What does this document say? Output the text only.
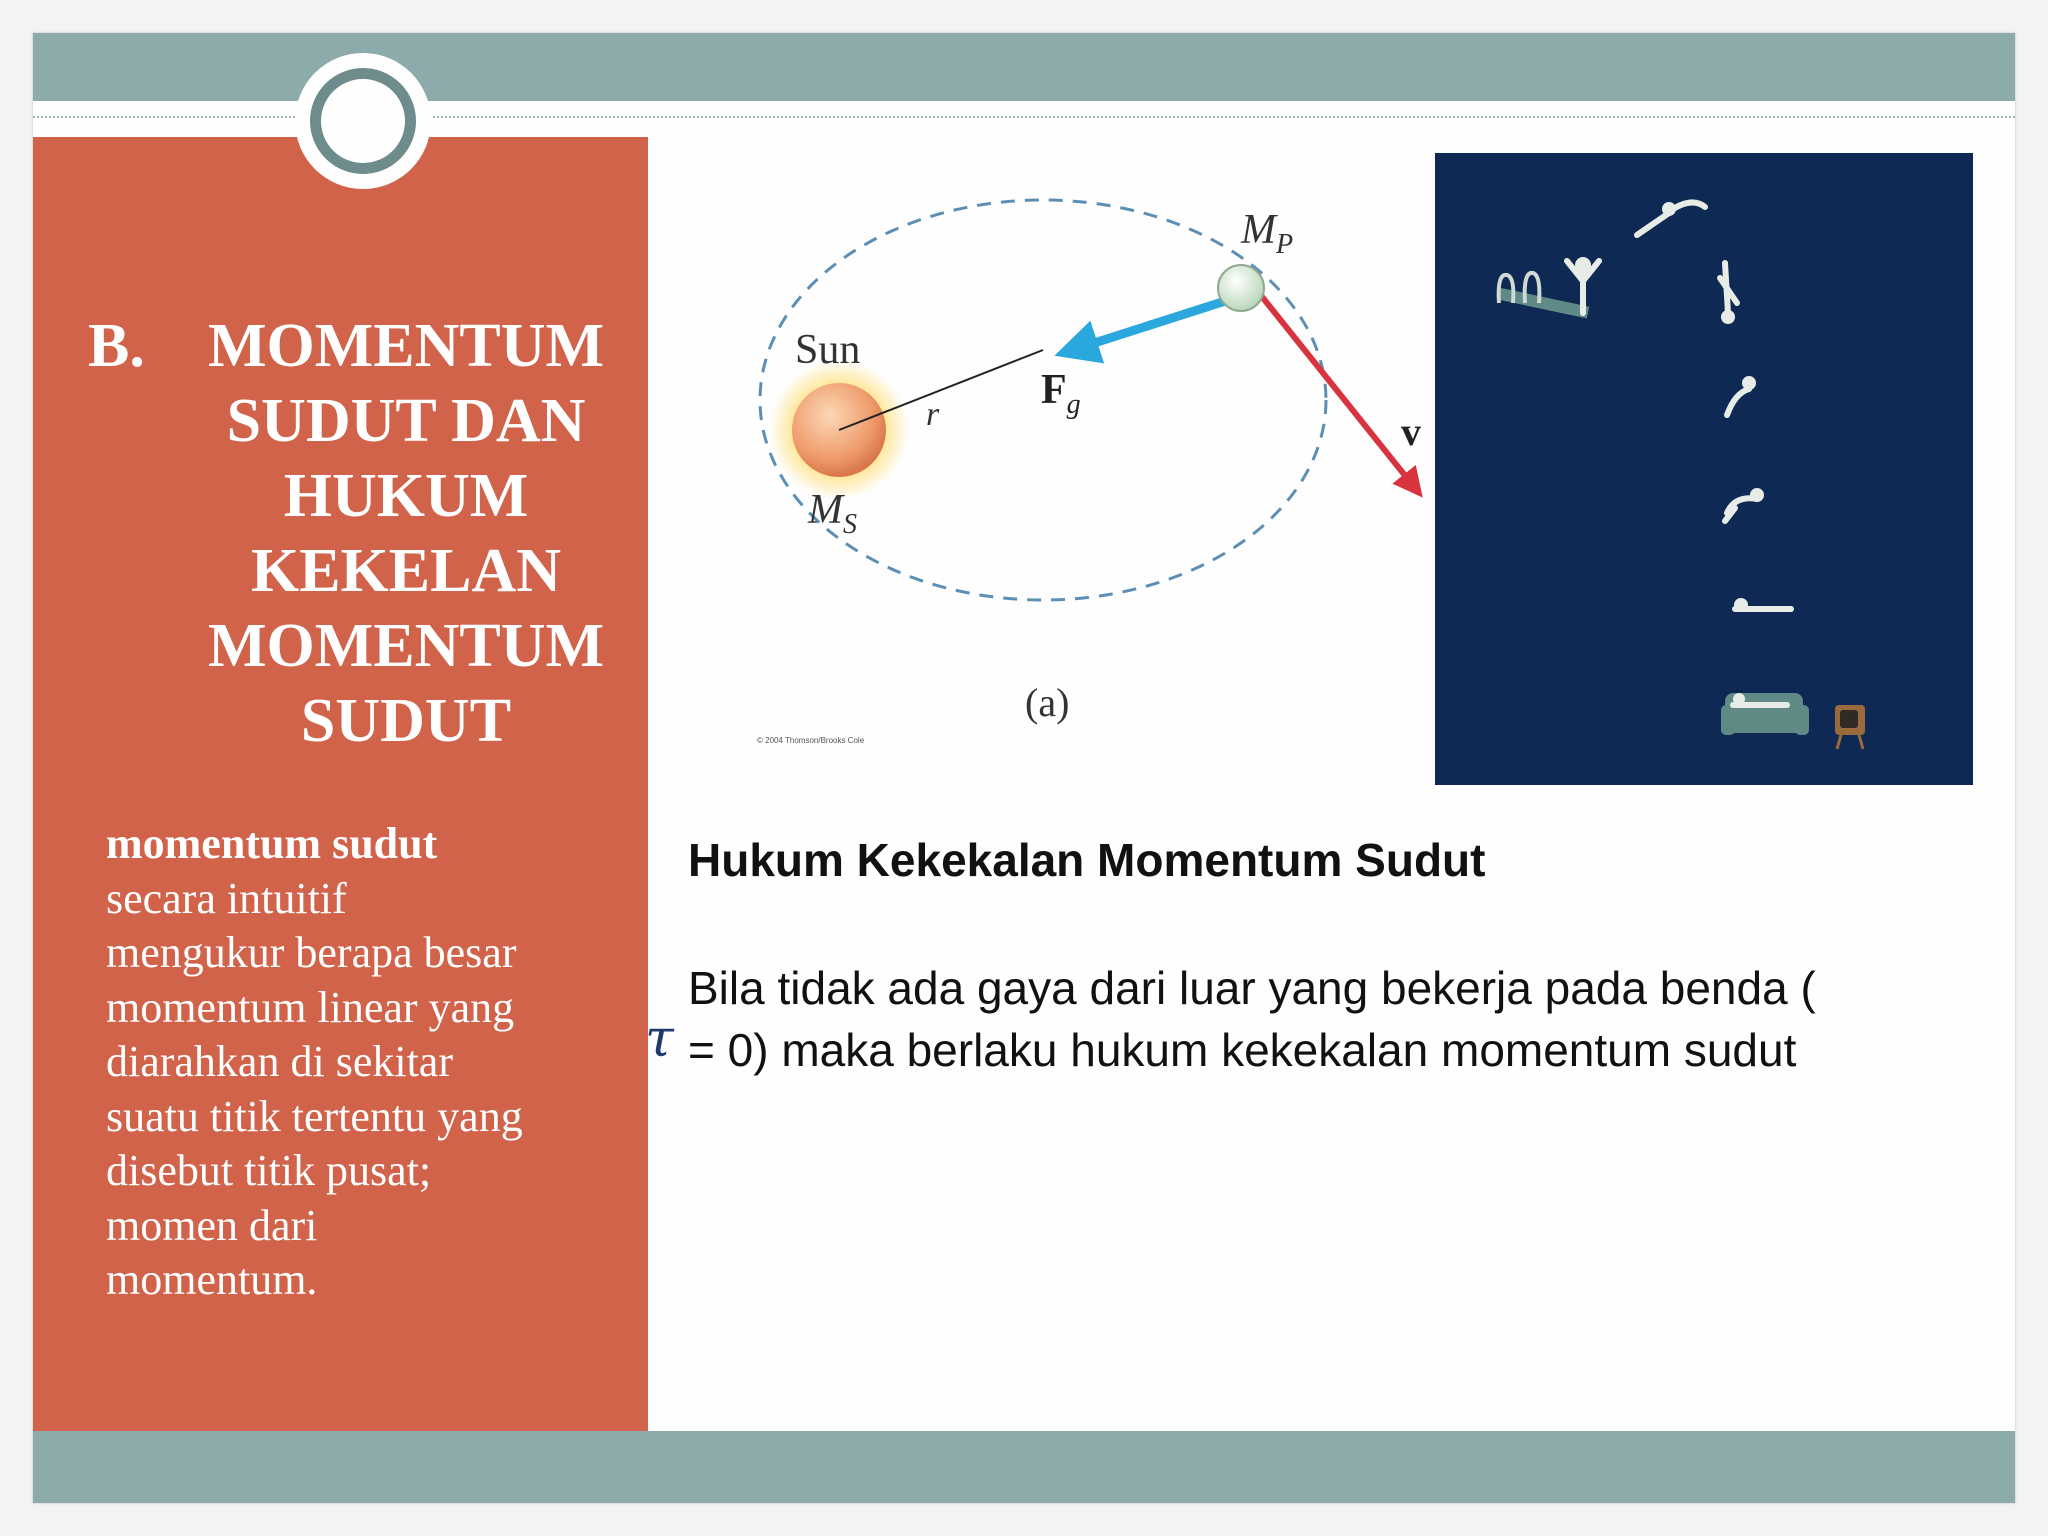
B.	MOMENTUM
SUDUT DAN
HUKUM
KEKELAN
MOMENTUM
SUDUT
momentum sudut
secara intuitif
mengukur berapa besar
momentum linear yang
diarahkan di sekitar
suatu titik tertentu yang
disebut titik pusat;
momen dari
momentum.
Sun
$M_S$
$M_P$
$F_g$
r	v
(a)
© 2004 Thomson/Brooks Cole
Hukum Kekekalan Momentum Sudut
τ

Bila tidak ada gaya dari luar yang bekerja pada benda (
= 0) maka berlaku hukum kekekalan momentum sudut
